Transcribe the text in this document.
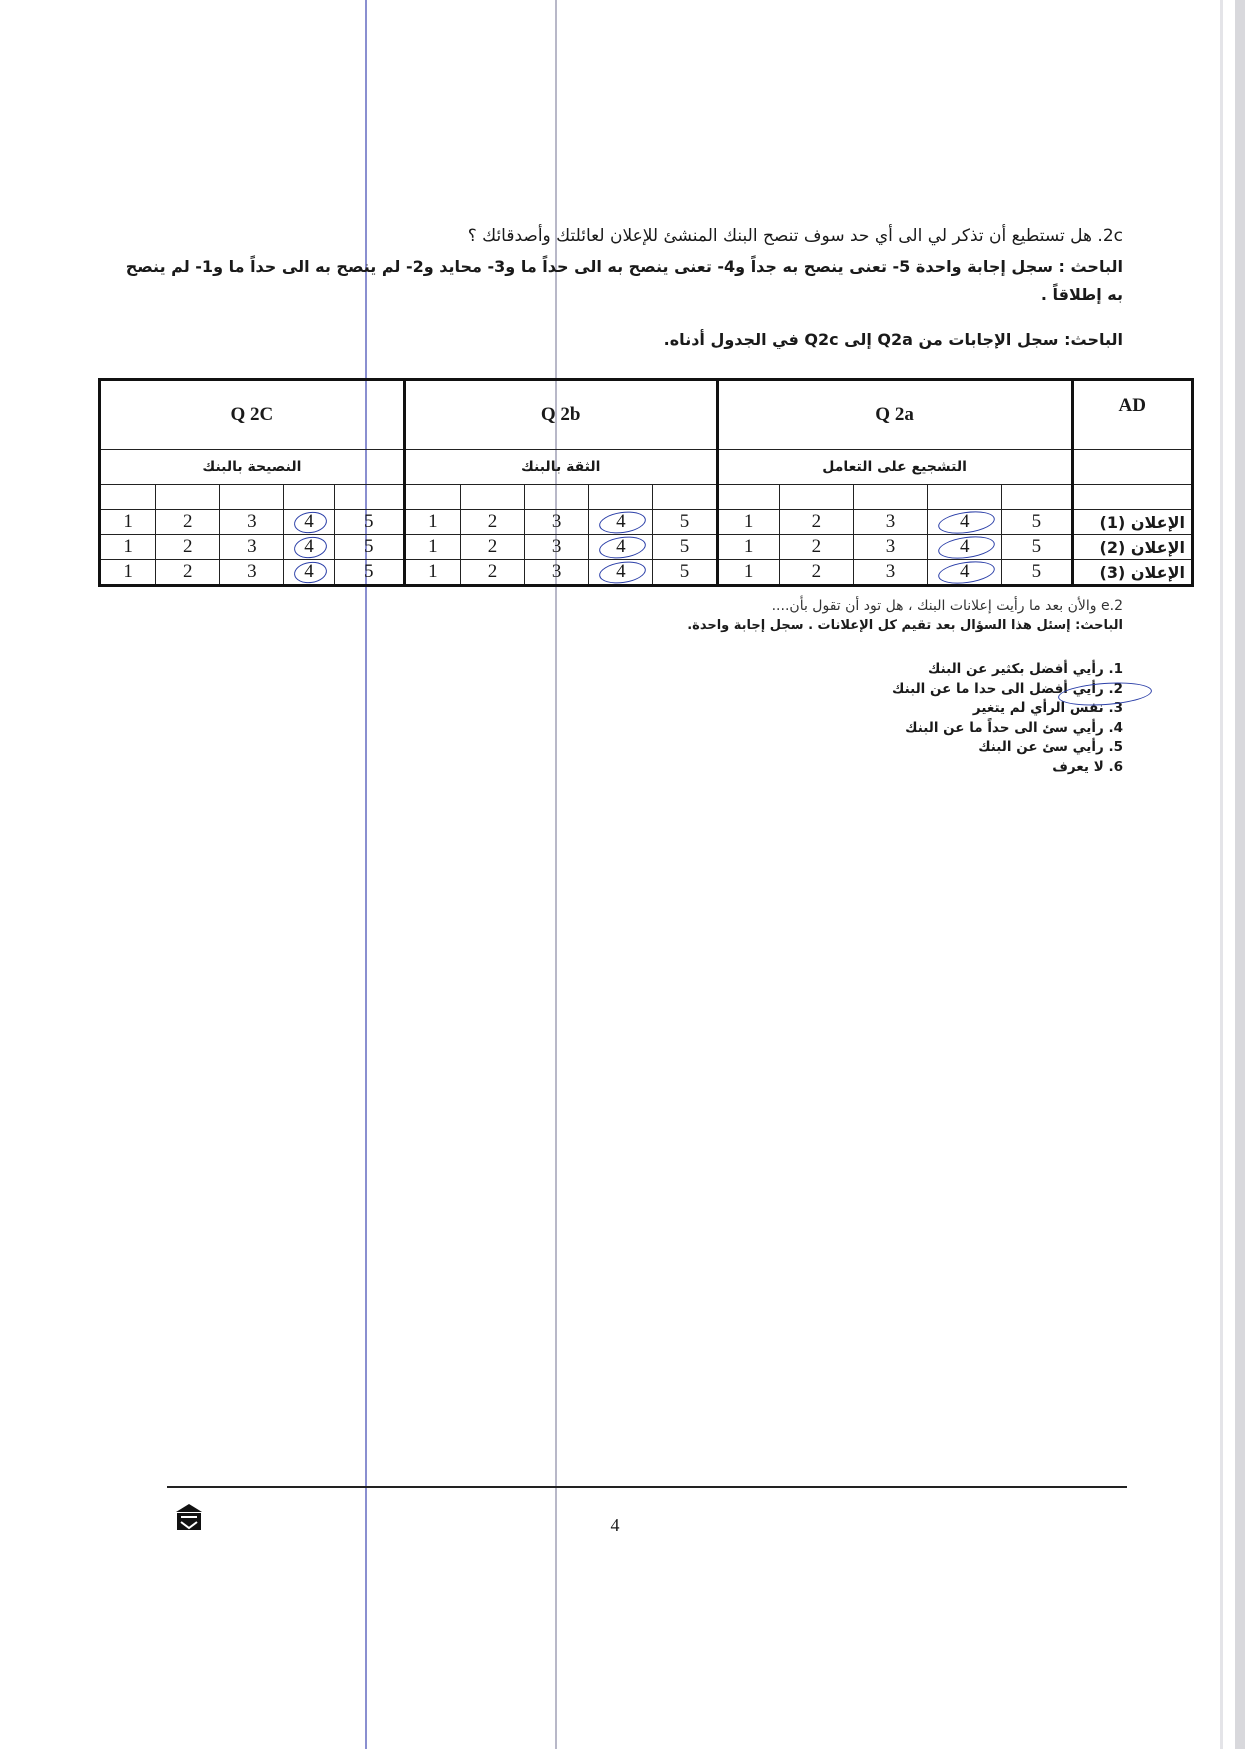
2c. هل تستطيع أن تذكر لي الى أي حد سوف تنصح البنك المنشئ للإعلان لعائلتك وأصدقائك ؟
الباحث : سجل إجابة واحدة 5- تعنى ينصح به جداً و4- تعنى ينصح به الى حداً ما و3- محايد و2- لم ينصح به الى حداً ما و1- لم ينصح به إطلاقاً .
الباحث: سجل الإجابات من Q2a إلى Q2c في الجدول أدناه.
Q 2C					Q 2b					Q 2a					AD
النصيحة بالبنك					الثقة بالبنك					التشجيع على التعامل					

1	2	3	4	5	1	2	3	4	5	1	2	3	4	5	الإعلان (1)
1	2	3	4	5	1	2	3	4	5	1	2	3	4	5	الإعلان (2)
1	2	3	4	5	1	2	3	4	5	1	2	3	4	5	الإعلان (3)
2.e والأن بعد ما رأيت إعلانات البنك ، هل تود أن تقول بأن....
الباحث: إسئل هذا السؤال بعد تقيم كل الإعلانات . سجل إجابة واحدة.
1. رأيي أفضل بكثير عن البنك
2. رأيي أفضل الى حدا ما عن البنك
3. نفس الرأي لم يتغير
4. رأيي سئ الى حداً ما عن البنك
5. رأيي سئ عن البنك
6. لا يعرف
4
